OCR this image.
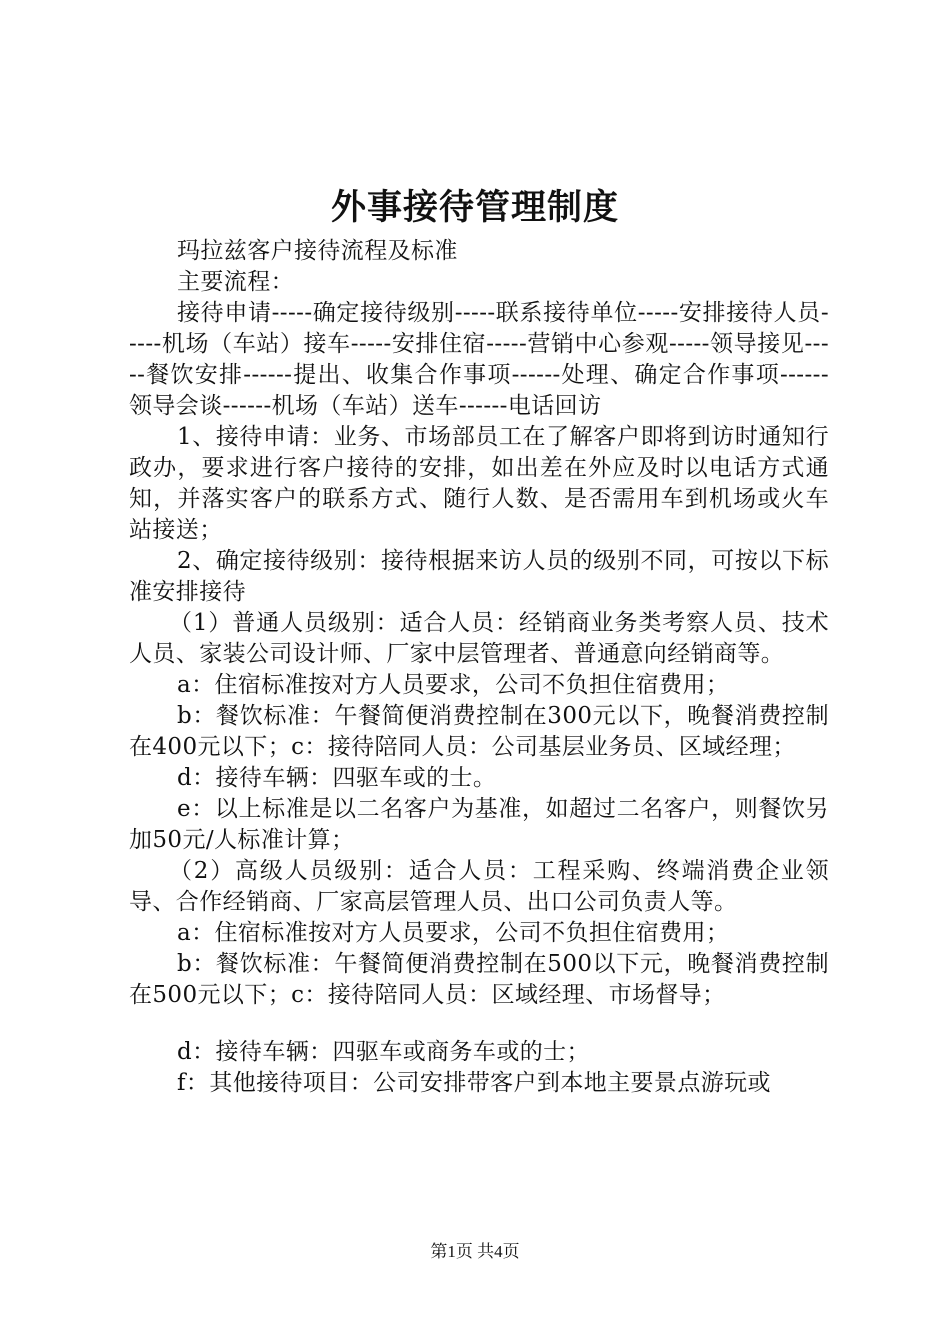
外事接待管理制度

玛拉兹客户接待流程及标准

主要流程：

接待申请-----确定接待级别-----联系接待单位-----安排接待人员-----机场（车站）接车-----安排住宿-----营销中心参观-----领导接见-----餐饮安排------提出、收集合作事项------处理、确定合作事项------领导会谈------机场（车站）送车------电话回访

1、接待申请：业务、市场部员工在了解客户即将到访时通知行政办，要求进行客户接待的安排，如出差在外应及时以电话方式通知，并落实客户的联系方式、随行人数、是否需用车到机场或火车站接送；

2、确定接待级别：接待根据来访人员的级别不同，可按以下标准安排接待

（1）普通人员级别：适合人员：经销商业务类考察人员、技术人员、家装公司设计师、厂家中层管理者、普通意向经销商等。

a：住宿标准按对方人员要求，公司不负担住宿费用；

b：餐饮标准：午餐简便消费控制在300元以下，晚餐消费控制在400元以下；c：接待陪同人员：公司基层业务员、区域经理；

d：接待车辆：四驱车或的士。

e：以上标准是以二名客户为基准，如超过二名客户，则餐饮另加50元/人标准计算；

（2）高级人员级别：适合人员：工程采购、终端消费企业领导、合作经销商、厂家高层管理人员、出口公司负责人等。

a：住宿标准按对方人员要求，公司不负担住宿费用；

b：餐饮标准：午餐简便消费控制在500以下元，晚餐消费控制在500元以下；c：接待陪同人员：区域经理、市场督导；

d：接待车辆：四驱车或商务车或的士；

f：其他接待项目：公司安排带客户到本地主要景点游玩或

第1页 共4页
